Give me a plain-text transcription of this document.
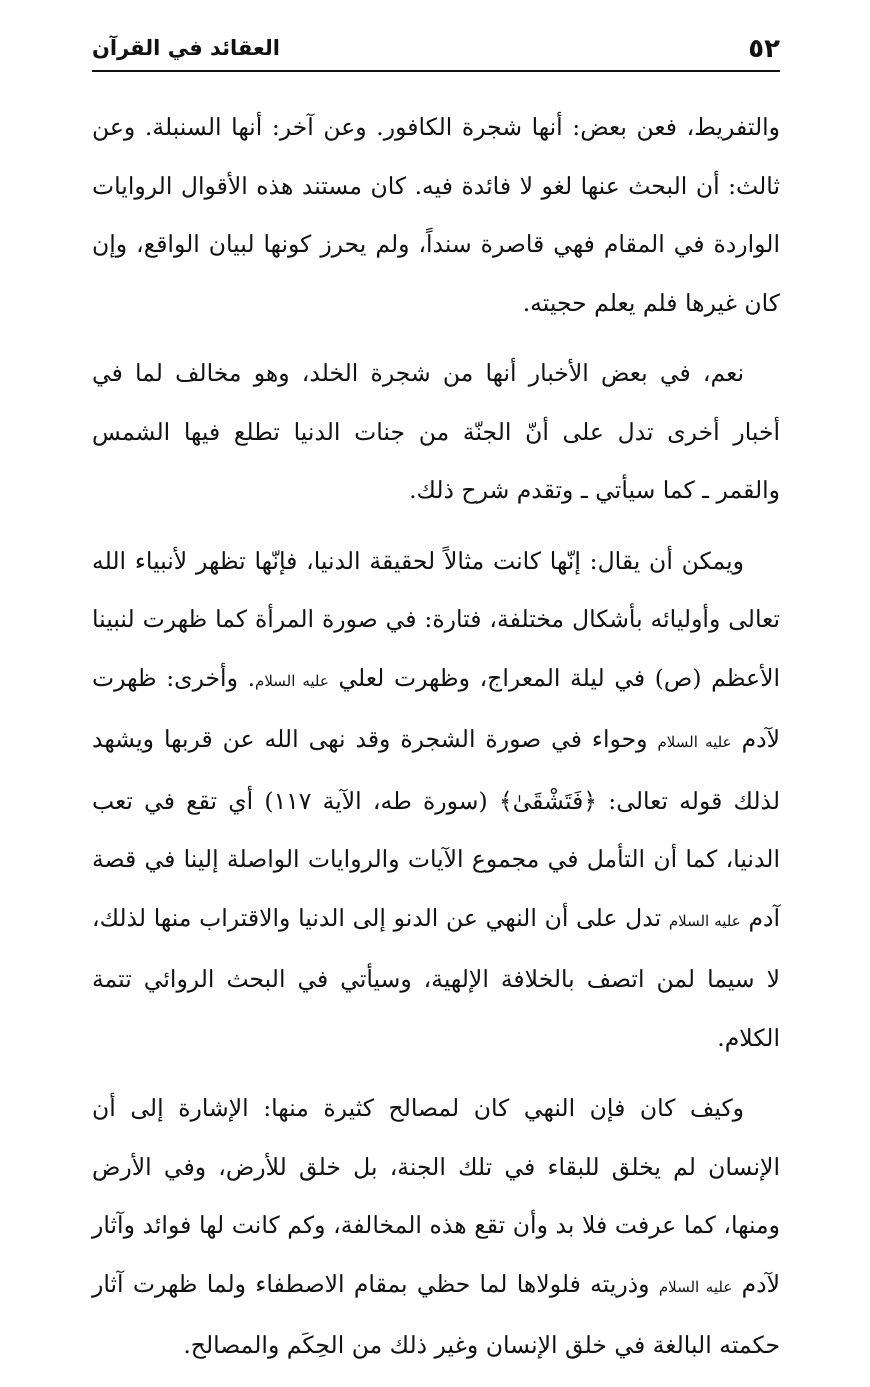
٥٢
العقائد في القرآن

والتفريط، فعن بعض: أنها شجرة الكافور. وعن آخر: أنها السنبلة. وعن ثالث: أن البحث عنها لغو لا فائدة فيه. كان مستند هذه الأقوال الروايات الواردة في المقام فهي قاصرة سنداً، ولم يحرز كونها لبيان الواقع، وإن كان غيرها فلم يعلم حجيته.

نعم، في بعض الأخبار أنها من شجرة الخلد، وهو مخالف لما في أخبار أخرى تدل على أنّ الجنّة من جنات الدنيا تطلع فيها الشمس والقمر ـ كما سيأتي ـ وتقدم شرح ذلك.

ويمكن أن يقال: إنّها كانت مثالاً لحقيقة الدنيا، فإنّها تظهر لأنبياء الله تعالى وأوليائه بأشكال مختلفة، فتارة: في صورة المرأة كما ظهرت لنبينا الأعظم (ص) في ليلة المعراج، وظهرت لعلي عليه السلام. وأخرى: ظهرت لآدم عليه السلام وحواء في صورة الشجرة وقد نهى الله عن قربها ويشهد لذلك قوله تعالى: ﴿فَتَشْقَىٰ﴾ (سورة طه، الآية ١١٧) أي تقع في تعب الدنيا، كما أن التأمل في مجموع الآيات والروايات الواصلة إلينا في قصة آدم عليه السلام تدل على أن النهي عن الدنو إلى الدنيا والاقتراب منها لذلك، لا سيما لمن اتصف بالخلافة الإلهية، وسيأتي في البحث الروائي تتمة الكلام.

وكيف كان فإن النهي كان لمصالح كثيرة منها: الإشارة إلى أن الإنسان لم يخلق للبقاء في تلك الجنة، بل خلق للأرض، وفي الأرض ومنها، كما عرفت فلا بد وأن تقع هذه المخالفة، وكم كانت لها فوائد وآثار لآدم عليه السلام وذريته فلولاها لما حظي بمقام الاصطفاء ولما ظهرت آثار حكمته البالغة في خلق الإنسان وغير ذلك من الحِكَم والمصالح.
